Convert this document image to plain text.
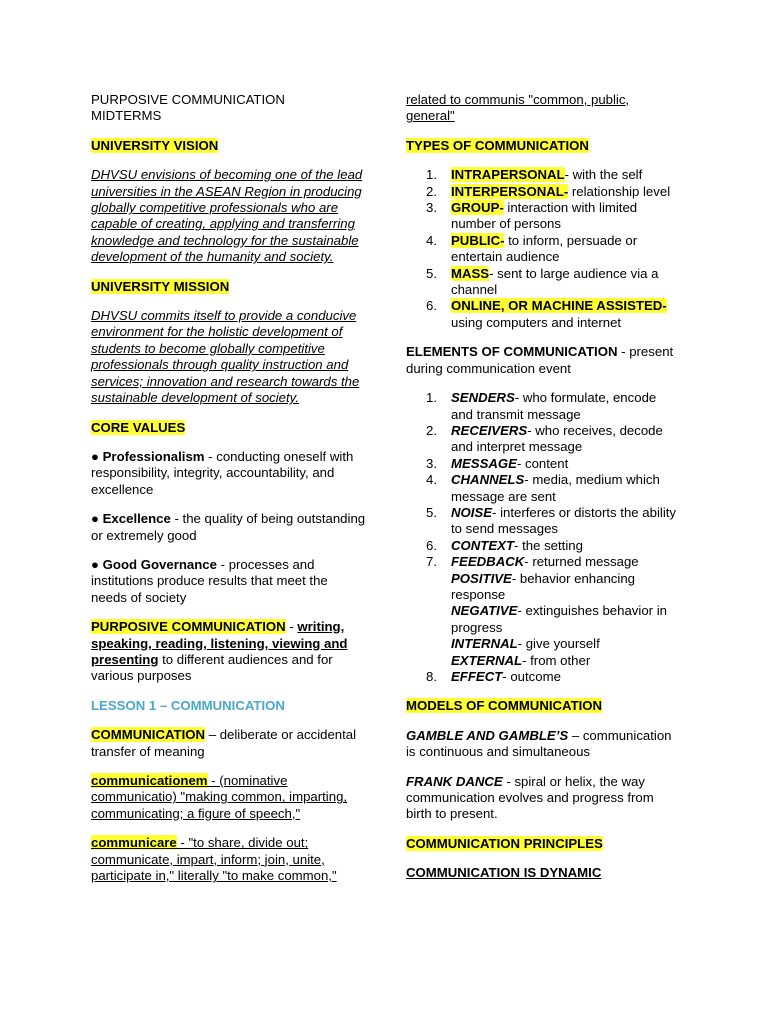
PURPOSIVE COMMUNICATION
MIDTERMS

UNIVERSITY VISION

DHVSU envisions of becoming one of the lead universities in the ASEAN Region in producing globally competitive professionals who are capable of creating, applying and transferring knowledge and technology for the sustainable development of the humanity and society.

UNIVERSITY MISSION

DHVSU commits itself to provide a conducive environment for the holistic development of students to become globally competitive professionals through quality instruction and services; innovation and research towards the sustainable development of society.

CORE VALUES

● Professionalism - conducting oneself with responsibility, integrity, accountability, and excellence

● Excellence - the quality of being outstanding or extremely good

● Good Governance - processes and institutions produce results that meet the needs of society

PURPOSIVE COMMUNICATION - writing, speaking, reading, listening, viewing and presenting to different audiences and for various purposes

LESSON 1 – COMMUNICATION

COMMUNICATION – deliberate or accidental transfer of meaning

communicationem - (nominative communicatio) "making common, imparting, communicating; a figure of speech,"

communicare - "to share, divide out; communicate, impart, inform; join, unite, participate in," literally "to make common,"

related to communis "common, public, general"

TYPES OF COMMUNICATION

1. INTRAPERSONAL- with the self
2. INTERPERSONAL- relationship level
3. GROUP- interaction with limited number of persons
4. PUBLIC- to inform, persuade or entertain audience
5. MASS- sent to large audience via a channel
6. ONLINE, OR MACHINE ASSISTED- using computers and internet

ELEMENTS OF COMMUNICATION - present during communication event

1. SENDERS- who formulate, encode and transmit message
2. RECEIVERS- who receives, decode and interpret message
3. MESSAGE- content
4. CHANNELS- media, medium which message are sent
5. NOISE- interferes or distorts the ability to send messages
6. CONTEXT- the setting
7. FEEDBACK- returned message
POSITIVE- behavior enhancing response
NEGATIVE- extinguishes behavior in progress
INTERNAL- give yourself
EXTERNAL- from other
8. EFFECT- outcome

MODELS OF COMMUNICATION

GAMBLE AND GAMBLE’S – communication is continuous and simultaneous

FRANK DANCE - spiral or helix, the way communication evolves and progress from birth to present.

COMMUNICATION PRINCIPLES

COMMUNICATION IS DYNAMIC
